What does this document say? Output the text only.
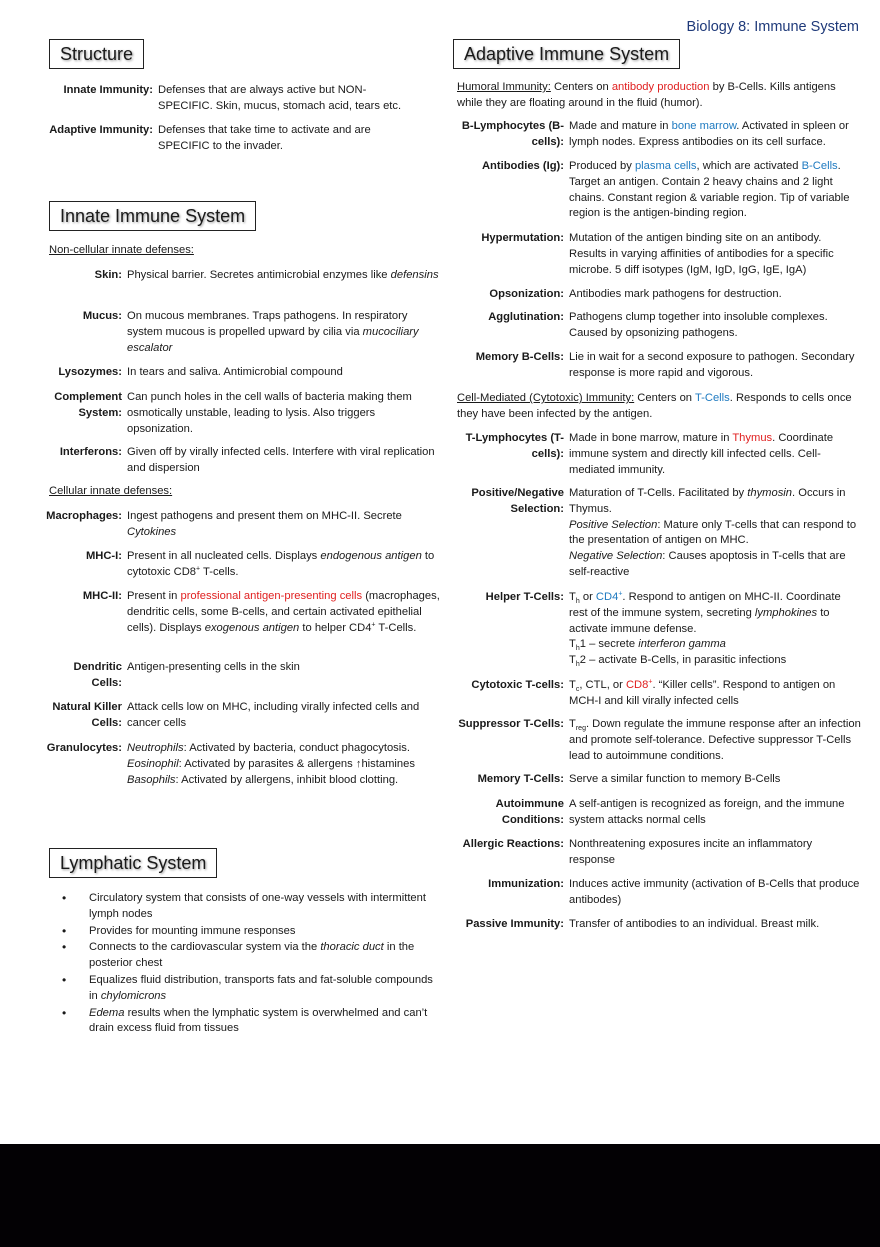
Biology 8: Immune System
Structure
Innate Immunity: Defenses that are always active but NON-SPECIFIC. Skin, mucus, stomach acid, tears etc.
Adaptive Immunity: Defenses that take time to activate and are SPECIFIC to the invader.
Innate Immune System
Non-cellular innate defenses:
Skin: Physical barrier. Secretes antimicrobial enzymes like defensins
Mucus: On mucous membranes. Traps pathogens. In respiratory system mucous is propelled upward by cilia via mucociliary escalator
Lysozymes: In tears and saliva. Antimicrobial compound
Complement System:
Can punch holes in the cell walls of bacteria making them osmotically unstable, leading to lysis. Also triggers opsonization.
Interferons: Given off by virally infected cells. Interfere with viral replication and dispersion
Cellular innate defenses:
Macrophages: Ingest pathogens and present them on MHC-II. Secrete Cytokines
MHC-I: Present in all nucleated cells. Displays endogenous antigen to cytotoxic CD8+ T-cells.
MHC-II: Present in professional antigen-presenting cells (macrophages, dendritic cells, some B-cells, and certain activated epithelial cells). Displays exogenous antigen to helper CD4+ T-Cells.
Dendritic Cells:
Antigen-presenting cells in the skin
Natural Killer Cells:
Attack cells low on MHC, including virally infected cells and cancer cells
Granulocytes: Neutrophils: Activated by bacteria, conduct phagocytosis.
Eosinophil: Activated by parasites & allergens ↑histamines
Basophils: Activated by allergens, inhibit blood clotting.
Lymphatic System
• Circulatory system that consists of one-way vessels with intermittent lymph nodes
• Provides for mounting immune responses
• Connects to the cardiovascular system via the thoracic duct in the posterior chest
• Equalizes fluid distribution, transports fats and fat-soluble compounds in chylomicrons
• Edema results when the lymphatic system is overwhelmed and can’t drain excess fluid from tissues
Adaptive Immune System
Humoral Immunity: Centers on antibody production by B-Cells. Kills antigens while they are floating around in the fluid (humor).
B-Lymphocytes (B-cells):
Made and mature in bone marrow. Activated in spleen or lymph nodes. Express antibodies on its cell surface.
Antibodies (Ig): Produced by plasma cells, which are activated B-Cells. Target an antigen. Contain 2 heavy chains and 2 light chains. Constant region & variable region. Tip of variable region is the antigen-binding region.
Hypermutation: Mutation of the antigen binding site on an antibody. Results in varying affinities of antibodies for a specific microbe. 5 diff isotypes (IgM, IgD, IgG, IgE, IgA)
Opsonization: Antibodies mark pathogens for destruction.
Agglutination: Pathogens clump together into insoluble complexes. Caused by opsonizing pathogens.
Memory B-Cells: Lie in wait for a second exposure to pathogen. Secondary response is more rapid and vigorous.
Cell-Mediated (Cytotoxic) Immunity: Centers on T-Cells. Responds to cells once they have been infected by the antigen.
T-Lymphocytes (T-cells):
Made in bone marrow, mature in Thymus. Coordinate immune system and directly kill infected cells. Cell-mediated immunity.
Positive/Negative Selection:
Maturation of T-Cells. Facilitated by thymosin. Occurs in Thymus.
Positive Selection: Mature only T-cells that can respond to the presentation of antigen on MHC.
Negative Selection: Causes apoptosis in T-cells that are self-reactive
Helper T-Cells: $T_h$ or CD4+. Respond to antigen on MHC-II. Coordinate rest of the immune system, secreting lymphokines to activate immune defense.
$T_h1$ – secrete interferon gamma
$T_h2$ – activate B-Cells, in parasitic infections
Cytotoxic T-cells: $T_c$, CTL, or CD8+. “Killer cells”. Respond to antigen on MCH-I and kill virally infected cells
Suppressor T-Cells: $T_{reg}$. Down regulate the immune response after an infection and promote self-tolerance. Defective suppressor T-Cells lead to autoimmune conditions.
Memory T-Cells: Serve a similar function to memory B-Cells
Autoimmune Conditions:
A self-antigen is recognized as foreign, and the immune system attacks normal cells
Allergic Reactions: Nonthreatening exposures incite an inflammatory response
Immunization: Induces active immunity (activation of B-Cells that produce antibodes)
Passive Immunity: Transfer of antibodies to an individual. Breast milk.
